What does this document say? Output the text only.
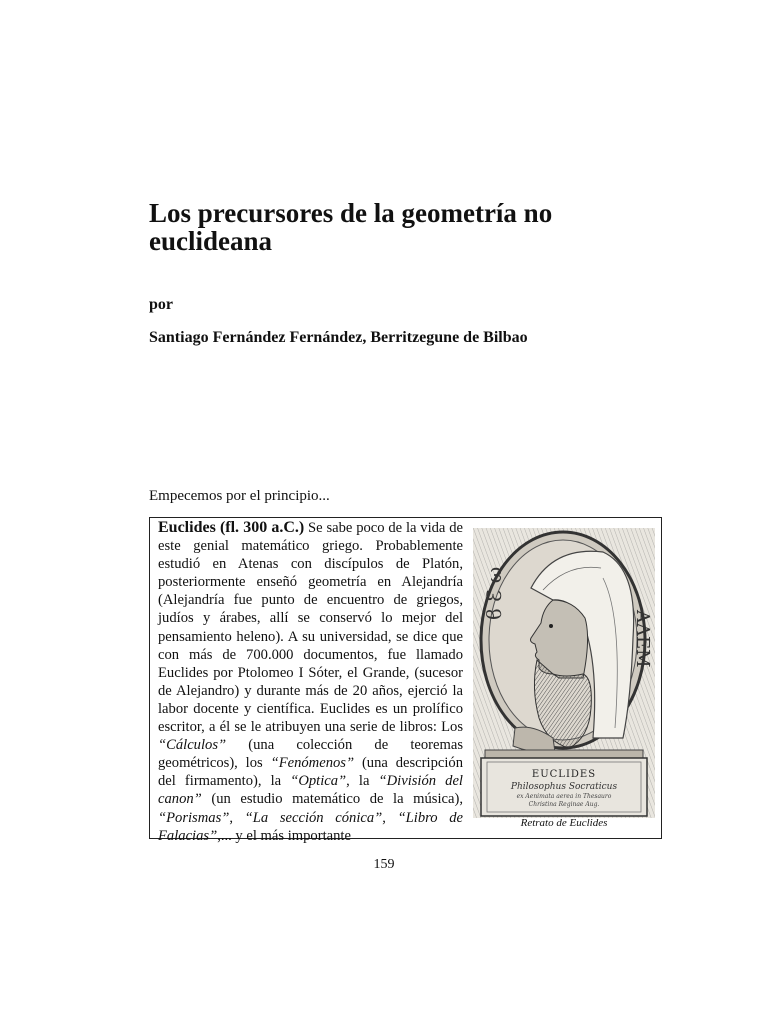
Los precursores de la geometría no euclideana
por
Santiago Fernández Fernández, Berritzegune de Bilbao
Empecemos por el principio...

Euclides (fl. 300 a.C.) Se sabe poco de la vida de este genial matemático griego. Probablemente estudió en Atenas con discípulos de Platón, posteriormente enseñó geometría en Alejandría (Alejandría fue punto de encuentro de griegos, judíos y árabes, allí se conservó lo mejor del pensamiento heleno). A su universidad, se dice que con más de 700.000 documentos, fue llamado Euclides por Ptolomeo I Sóter, el Grande, (sucesor de Alejandro) y durante más de 20 años, ejerció la labor docente y científica. Euclides es un prolífico escritor, a él se le atribuyen una serie de libros: Los “Cálculos” (una colección de teoremas geométricos), los “Fenómenos” (una descripción del firmamento), la “Optica”, la “División del canon” (un estudio matemático de la música), “Porismas”, “La sección cónica”, “Libro de Falacias”,... y el más importante

ϐ Ɛ ω
ΑΛΕΜ
EUCLIDES
Philosophus Socraticus
ex Aenimata aerea in Thesauro
Christina Reginae Aug.
Retrato de Euclides
159
